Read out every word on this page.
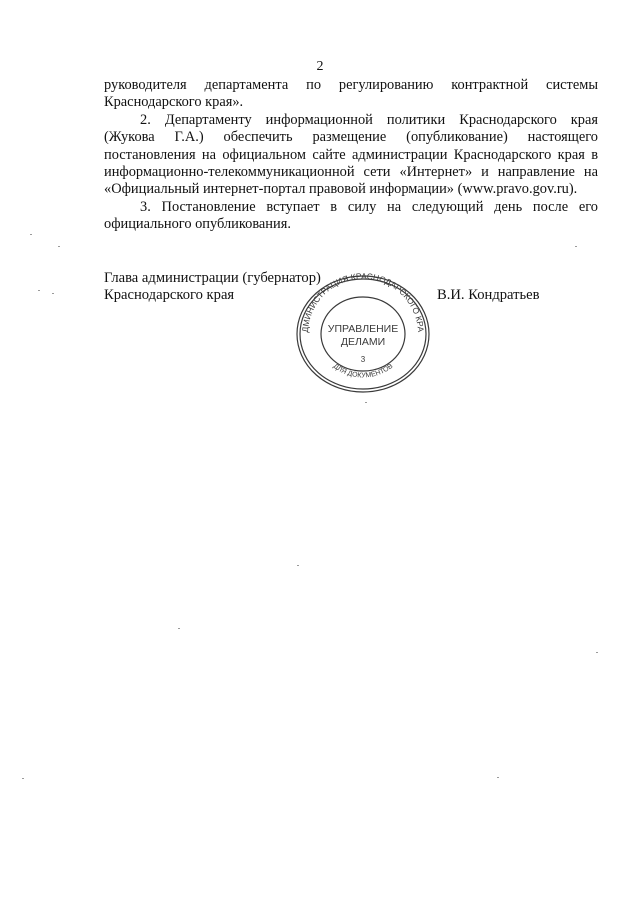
2

руководителя департамента по регулированию контрактной системы Краснодарского края».

2. Департаменту информационной политики Краснодарского края (Жукова Г.А.) обеспечить размещение (опубликование) настоящего постановления на официальном сайте администрации Краснодарского края в информационно-телекоммуникационной сети «Интернет» и направление на «Официальный интернет-портал правовой информации» (www.pravo.gov.ru).

3. Постановление вступает в силу на следующий день после его официального опубликования.

Глава администрации (губернатор)
Краснодарского края	В.И. Кондратьев
ДМИНИСТРАЦИЯ КРАСНОДАРСКОГО КРА
ДЛЯ ДОКУМЕНТОВ
УПРАВЛЕНИЕ
ДЕЛАМИ
3
